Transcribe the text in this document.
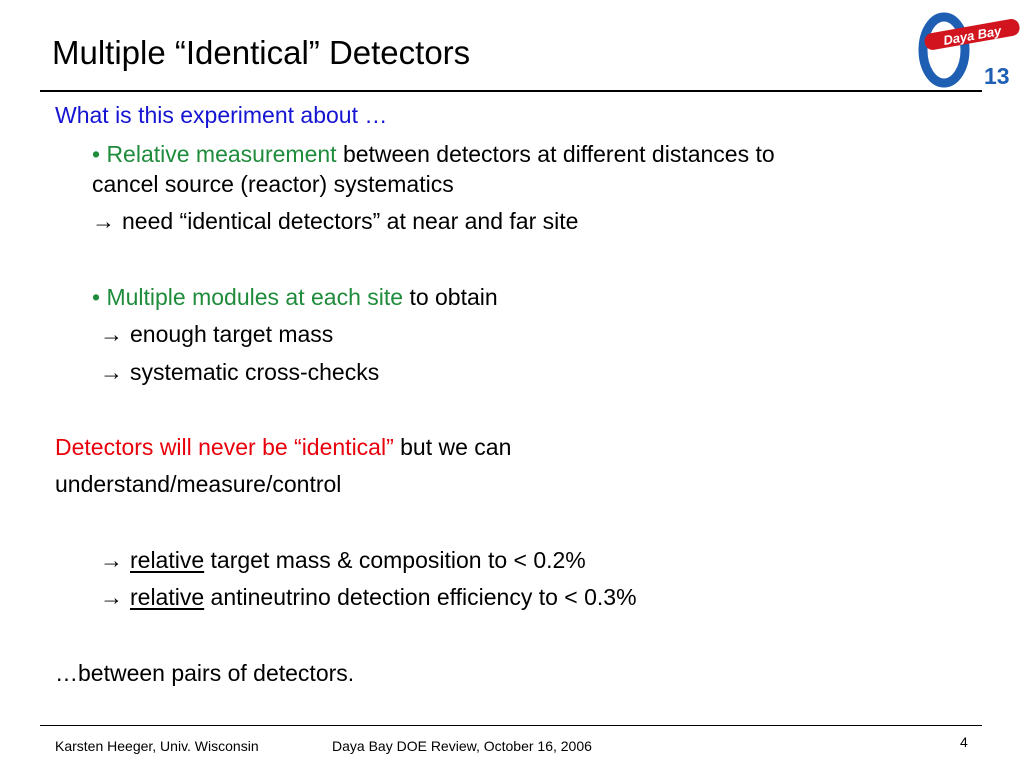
Multiple “Identical” Detectors	Daya Bay
13
What is this experiment about …
• Relative measurement between detectors at different distances to
cancel source (reactor) systematics
→ need “identical detectors” at near and far site
• Multiple modules at each site to obtain
→ enough target mass
→ systematic cross-checks
Detectors will never be “identical” but we can
understand/measure/control
→ relative target mass & composition to < 0.2%
→ relative antineutrino detection efficiency to < 0.3%
…between pairs of detectors.
Karsten Heeger, Univ. Wisconsin	Daya Bay DOE Review, October 16, 2006	4
